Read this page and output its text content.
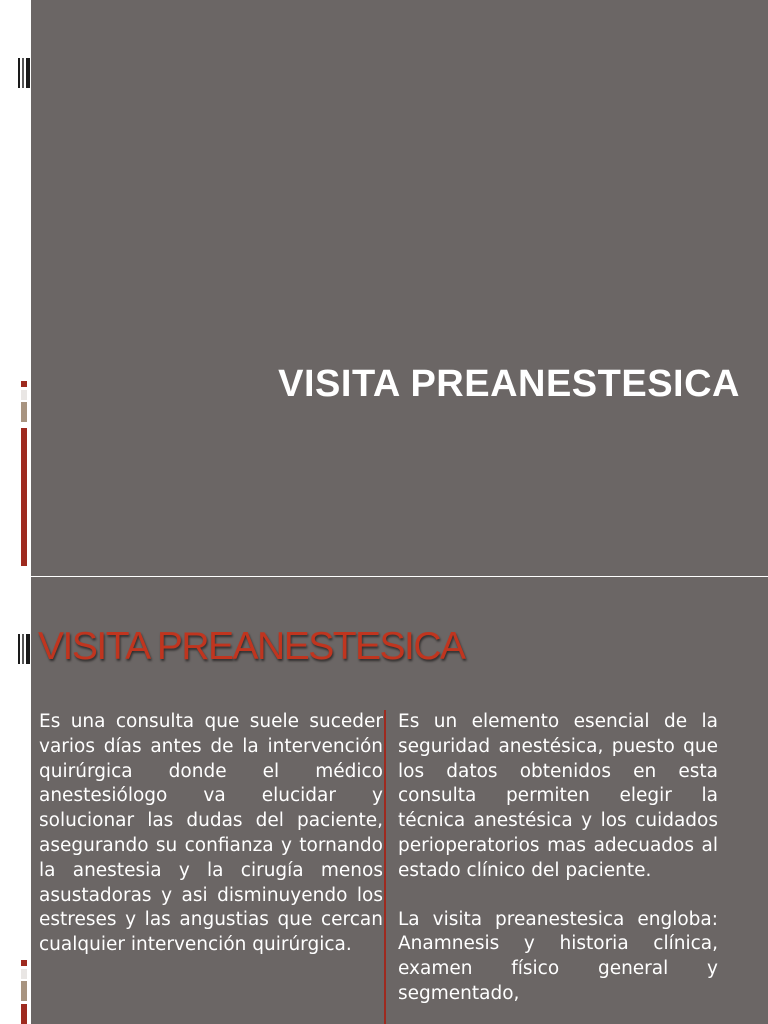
VISITA PREANESTESICA
VISITA PREANESTESICA

Es una consulta que suele suceder varios días antes de la intervención quirúrgica donde el médico anestesiólogo va elucidar y solucionar las dudas del paciente, asegurando su confianza y tornando la anestesia y la cirugía menos asustadoras y asi disminuyendo los estreses y las angustias que cercan cualquier intervención quirúrgica.

Es un elemento esencial de la seguridad anestésica, puesto que los datos obtenidos en esta consulta permiten elegir la técnica anestésica y los cuidados perioperatorios mas adecuados al estado clínico del paciente.

La visita preanestesica engloba: Anamnesis y historia clínica, examen físico general y segmentado,
